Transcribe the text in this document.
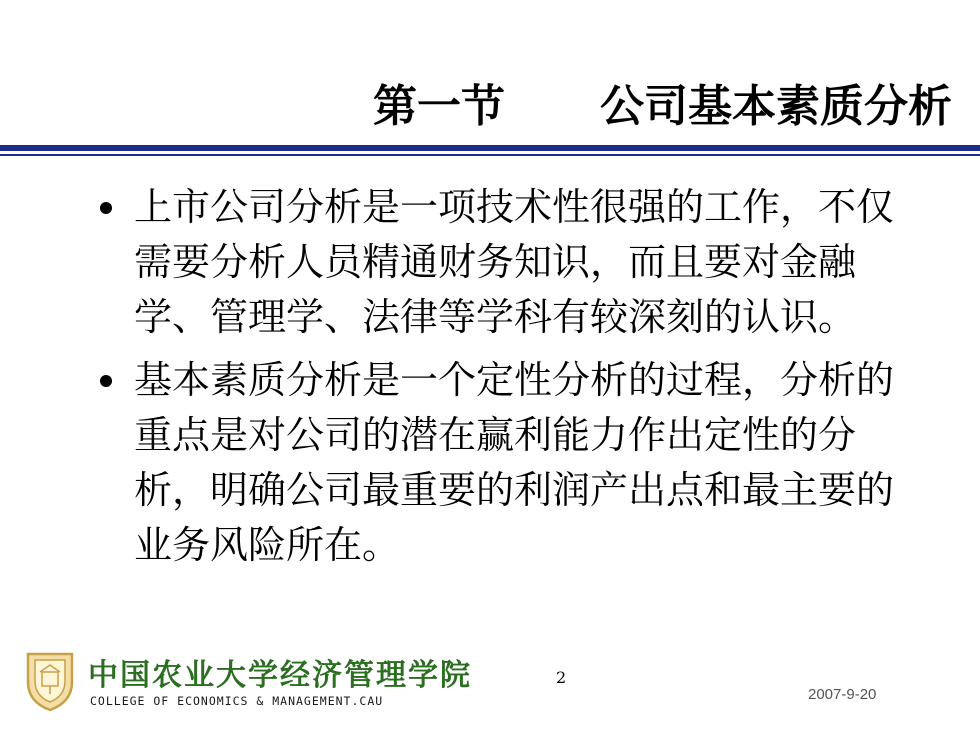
第一节 公司基本素质分析
上市公司分析是一项技术性很强的工作，不仅需要分析人员精通财务知识，而且要对金融学、管理学、法律等学科有较深刻的认识。
基本素质分析是一个定性分析的过程，分析的重点是对公司的潜在赢利能力作出定性的分析，明确公司最重要的利润产出点和最主要的业务风险所在。
中国农业大学经济管理学院
COLLEGE OF ECONOMICS & MANAGEMENT.CAU
2
2007-9-20
